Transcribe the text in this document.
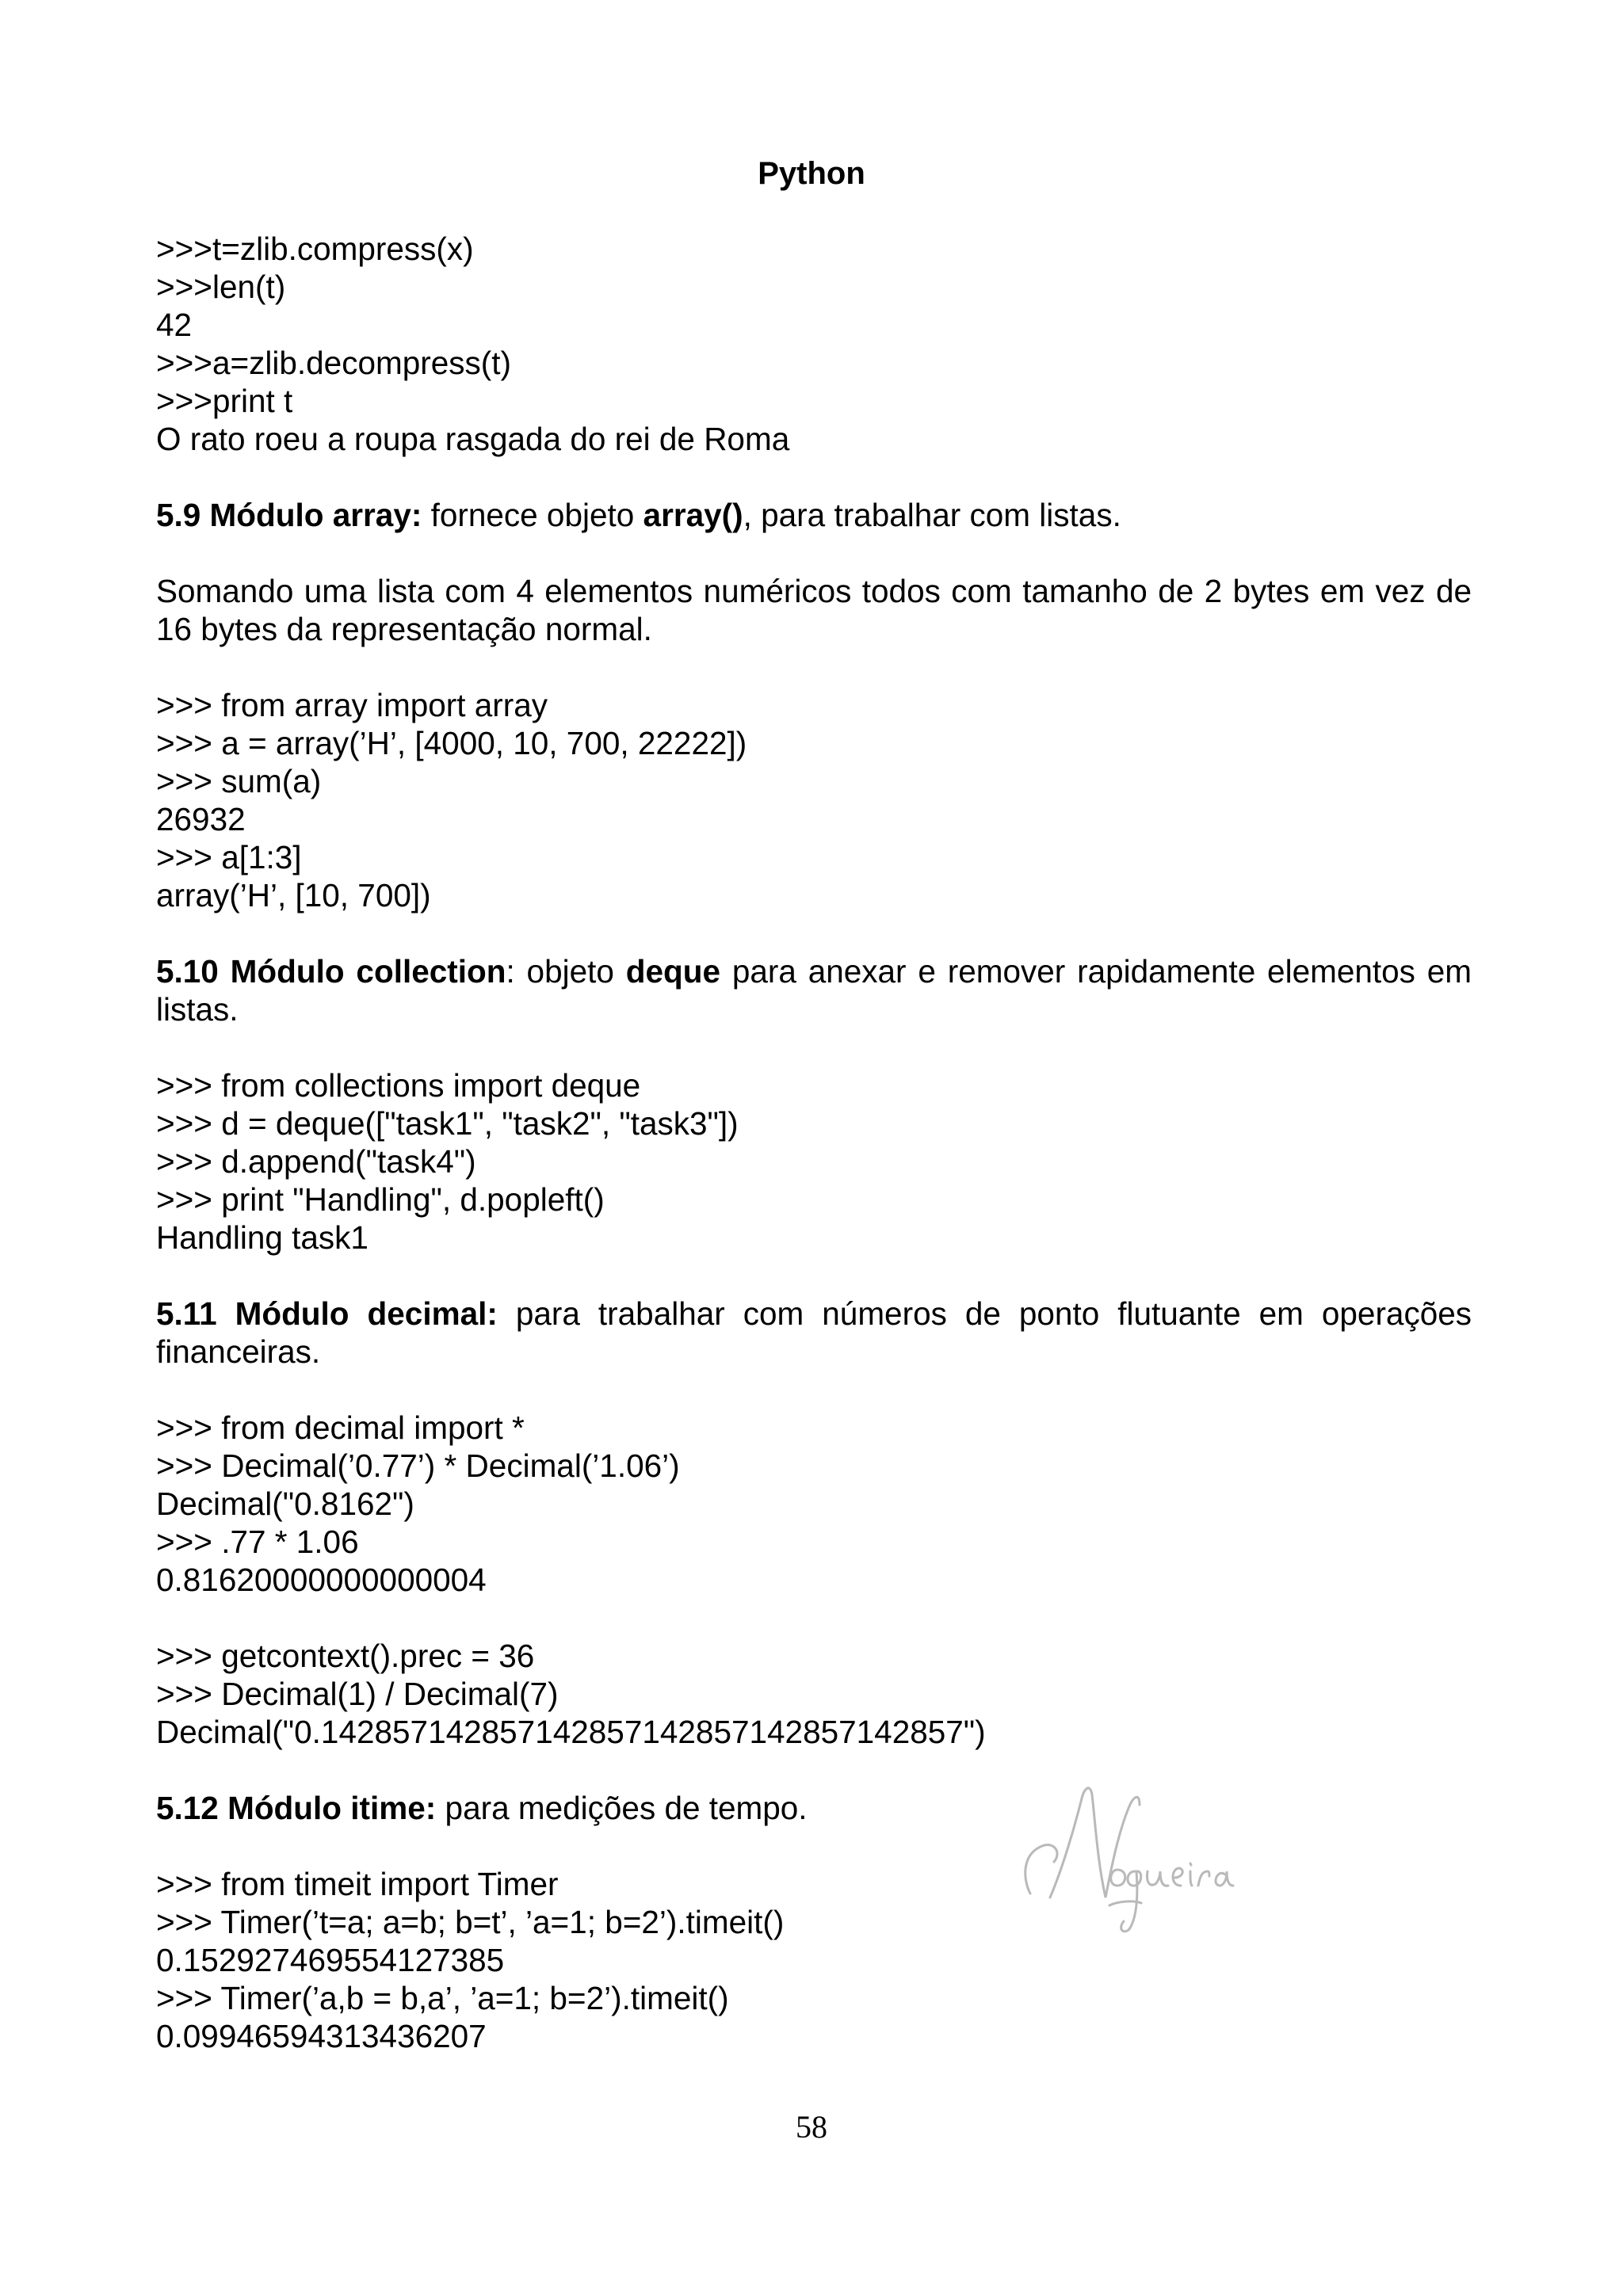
Python
>>>t=zlib.compress(x)
>>>len(t)
42
>>>a=zlib.decompress(t)
>>>print t
O rato roeu a roupa rasgada do rei de Roma
5.9 Módulo array: fornece objeto array(), para trabalhar com listas.
Somando uma lista com 4 elementos numéricos todos com tamanho de 2 bytes em vez de 16 bytes da representação normal.
>>> from array import array
>>> a = array(’H’, [4000, 10, 700, 22222])
>>> sum(a)
26932
>>> a[1:3]
array(’H’, [10, 700])
5.10 Módulo collection: objeto deque para anexar e remover rapidamente elementos em listas.
>>> from collections import deque
>>> d = deque(["task1", "task2", "task3"])
>>> d.append("task4")
>>> print "Handling", d.popleft()
Handling task1
5.11 Módulo decimal: para trabalhar com números de ponto flutuante em operações financeiras.
>>> from decimal import *
>>> Decimal(’0.77’) * Decimal(’1.06’)
Decimal("0.8162")
>>> .77 * 1.06
0.81620000000000004
>>> getcontext().prec = 36
>>> Decimal(1) / Decimal(7)
Decimal("0.142857142857142857142857142857142857")
5.12 Módulo itime: para medições de tempo.
>>> from timeit import Timer
>>> Timer(’t=a; a=b; b=t’, ’a=1; b=2’).timeit()
0.152927469554127385
>>> Timer(’a,b = b,a’, ’a=1; b=2’).timeit()
0.09946594313436207
58
